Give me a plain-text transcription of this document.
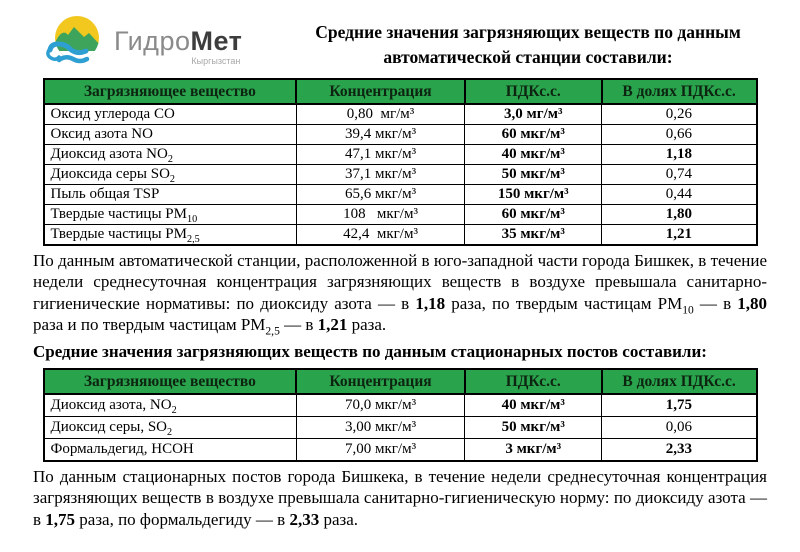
ГидроМет
Кыргызстан
Средние значения загрязняющих веществ по данным автоматической станции составили:
Загрязняющее вещество	Концентрация	ПДКс.с.	В долях ПДКс.с.
Оксид углерода СО	0,80  мг/м³	3,0 мг/м³	0,26
Оксид азота NO	39,4 мкг/м³	60 мкг/м³	0,66
Диоксид азота $NO_2$	47,1 мкг/м³	40 мкг/м³	1,18
Диоксида серы $SO_2$	37,1 мкг/м³	50 мкг/м³	0,74
Пыль общая TSP	65,6 мкг/м³	150 мкг/м³	0,44
Твердые частицы $PM_{10}$	108   мкг/м³	60 мкг/м³	1,80
Твердые частицы $PM_{2,5}$	42,4  мкг/м³	35 мкг/м³	1,21

По данным автоматической станции, расположенной в юго-западной части города Бишкек, в течение недели среднесуточная концентрация загрязняющих веществ в воздухе превышала санитарно-гигиенические нормативы: по диоксиду азота — в 1,18 раза, по твердым частицам $PM_{10}$ — в 1,80 раза и по твердым частицам $PM_{2,5}$ — в 1,21 раза.

Средние значения загрязняющих веществ по данным стационарных постов составили:
Загрязняющее вещество	Концентрация	ПДКс.с.	В долях ПДКс.с.
Диоксид азота, $NO_2$	70,0 мкг/м³	40 мкг/м³	1,75
Диоксид серы, $SO_2$	3,00 мкг/м³	50 мкг/м³	0,06
Формальдегид, HCOH	7,00 мкг/м³	3 мкг/м³	2,33

По данным стационарных постов города Бишкека, в течение недели среднесуточная концентрация загрязняющих веществ в воздухе превышала санитарно-гигиеническую норму: по диоксиду азота — в 1,75 раза, по формальдегиду — в 2,33 раза.
